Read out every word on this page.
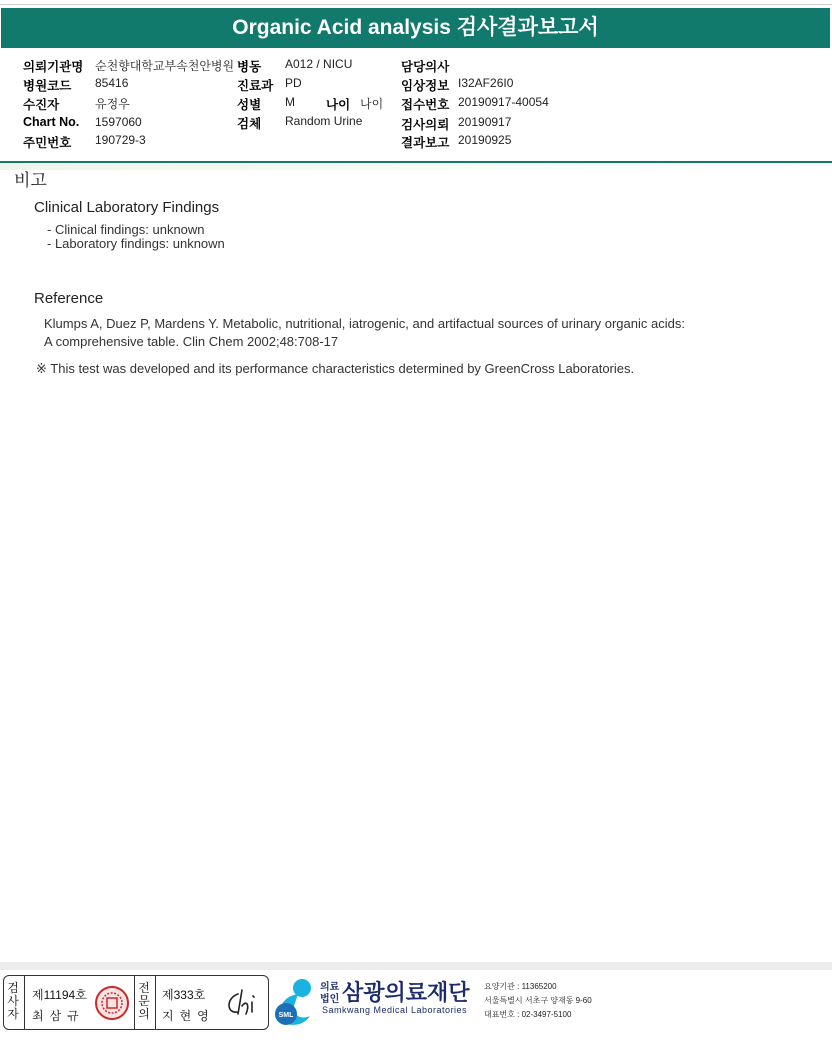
Organic Acid analysis 검사결과보고서
의뢰기관명 순천향대학교부속천안병원 병동 A012 / NICU	담당의사
병원코드 85416	진료과 PD	임상정보 I32AF26I0
수진자	유정우	성별 M 나이 나이 접수번호 20190917-40054
Chart No. 1597060	검체 Random Urine	검사의뢰 20190917
주민번호 190729-3	결과보고 20190925
비고
Clinical Laboratory Findings
- Clinical findings: unknown
- Laboratory findings: unknown
Reference
Klumps A, Duez P, Mardens Y. Metabolic, nutritional, iatrogenic, and artifactual sources of urinary organic acids:
A comprehensive table. Clin Chem 2002;48:708-17
※ This test was developed and its performance characteristics determined by GreenCross Laboratories.
검
사
자
제11194호
최삼규
전
문
의
제333호
지현영	SML
의료
법인 삼광의료재단
Samkwang Medical Laboratories
요양기관 : 11365200
서울특별시 서초구 양재동 9-60
대표번호 : 02-3497-5100
